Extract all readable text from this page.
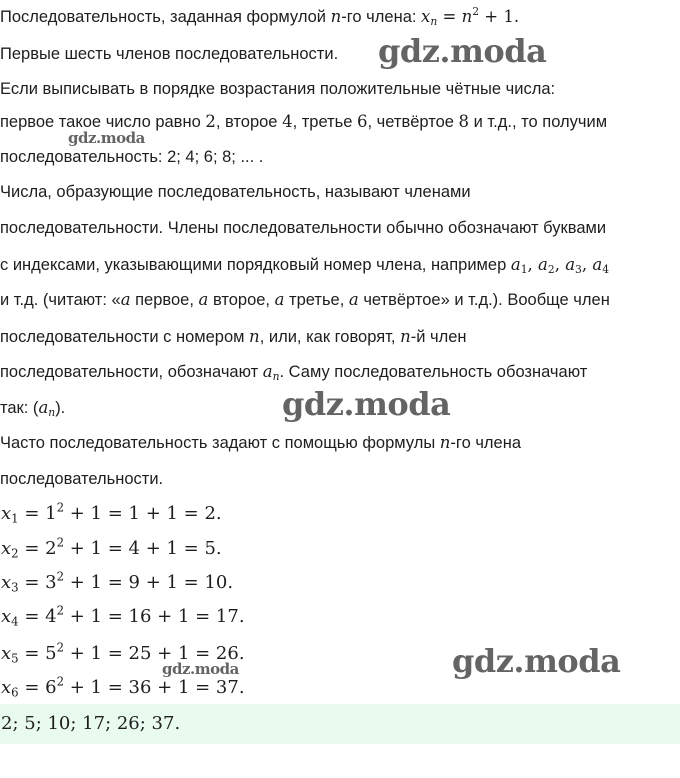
Последовательность, заданная формулой n-го члена: $x_n = n^2 + 1$.
Первые шесть членов последовательности.
Если выписывать в порядке возрастания положительные чётные числа:
первое такое число равно 2, второе 4, третье 6, четвёртое 8 и т.д., то получим
последовательность: 2; 4; 6; 8; ... .
Числа, образующие последовательность, называют членами
последовательности. Члены последовательности обычно обозначают буквами
с индексами, указывающими порядковый номер члена, например $a_1$, $a_2$, $a_3$, $a_4$
и т.д. (читают: «a первое, a второе, a третье, a четвёртое» и т.д.). Вообще член
последовательности с номером n, или, как говорят, n-й член
последовательности, обозначают $a_n$. Саму последовательность обозначают
так: $(a_n)$.
Часто последовательность задают с помощью формулы n-го члена
последовательности.
$x_1 = 1^2 + 1 = 1 + 1 = 2$.
$x_2 = 2^2 + 1 = 4 + 1 = 5$.
$x_3 = 3^2 + 1 = 9 + 1 = 10$.
$x_4 = 4^2 + 1 = 16 + 1 = 17$.
$x_5 = 5^2 + 1 = 25 + 1 = 26$.
$x_6 = 6^2 + 1 = 36 + 1 = 37$.
2; 5; 10; 17; 26; 37.
gdz.moda
gdz.moda
gdz.moda
gdz.moda
gdz.moda
